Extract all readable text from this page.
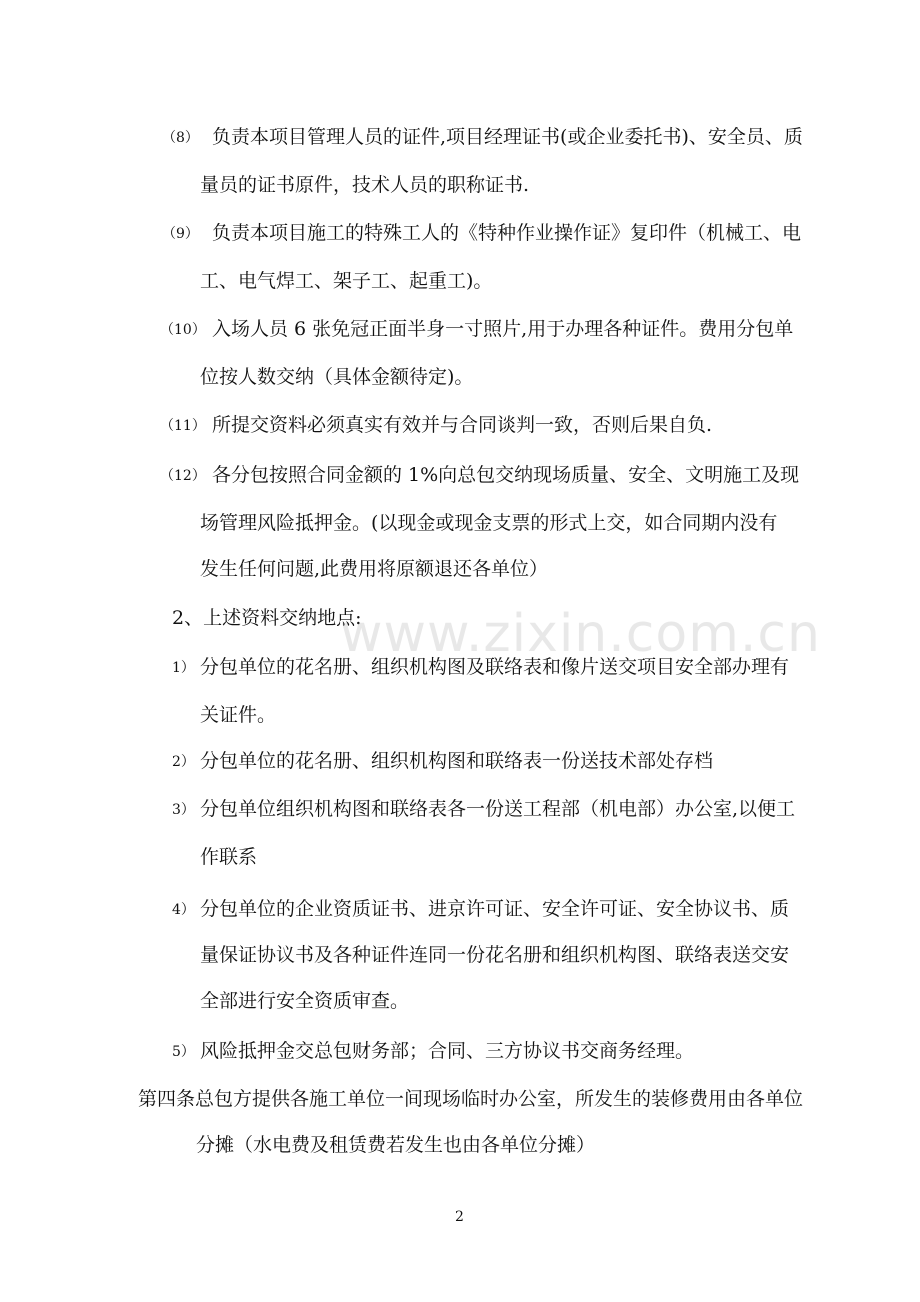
（8） 负责本项目管理人员的证件,项目经理证书(或企业委托书)、安全员、质
量员的证书原件，技术人员的职称证书.
（9） 负责本项目施工的特殊工人的《特种作业操作证》复印件（机械工、电
工、电气焊工、架子工、起重工)。
（10） 入场人员 6 张免冠正面半身一寸照片,用于办理各种证件。费用分包单
位按人数交纳（具体金额待定)。
（11） 所提交资料必须真实有效并与合同谈判一致，否则后果自负.
（12） 各分包按照合同金额的 1%向总包交纳现场质量、安全、文明施工及现
场管理风险抵押金。(以现金或现金支票的形式上交，如合同期内没有
发生任何问题,此费用将原额退还各单位）
2、上述资料交纳地点:
1） 分包单位的花名册、组织机构图及联络表和像片送交项目安全部办理有
关证件。
2） 分包单位的花名册、组织机构图和联络表一份送技术部处存档
3） 分包单位组织机构图和联络表各一份送工程部（机电部）办公室,以便工
作联系
4） 分包单位的企业资质证书、进京许可证、安全许可证、安全协议书、质
量保证协议书及各种证件连同一份花名册和组织机构图、联络表送交安
全部进行安全资质审查。
5） 风险抵押金交总包财务部；合同、三方协议书交商务经理。
第四条总包方提供各施工单位一间现场临时办公室，所发生的装修费用由各单位
分摊（水电费及租赁费若发生也由各单位分摊）
www.zixin.com.cn
2
